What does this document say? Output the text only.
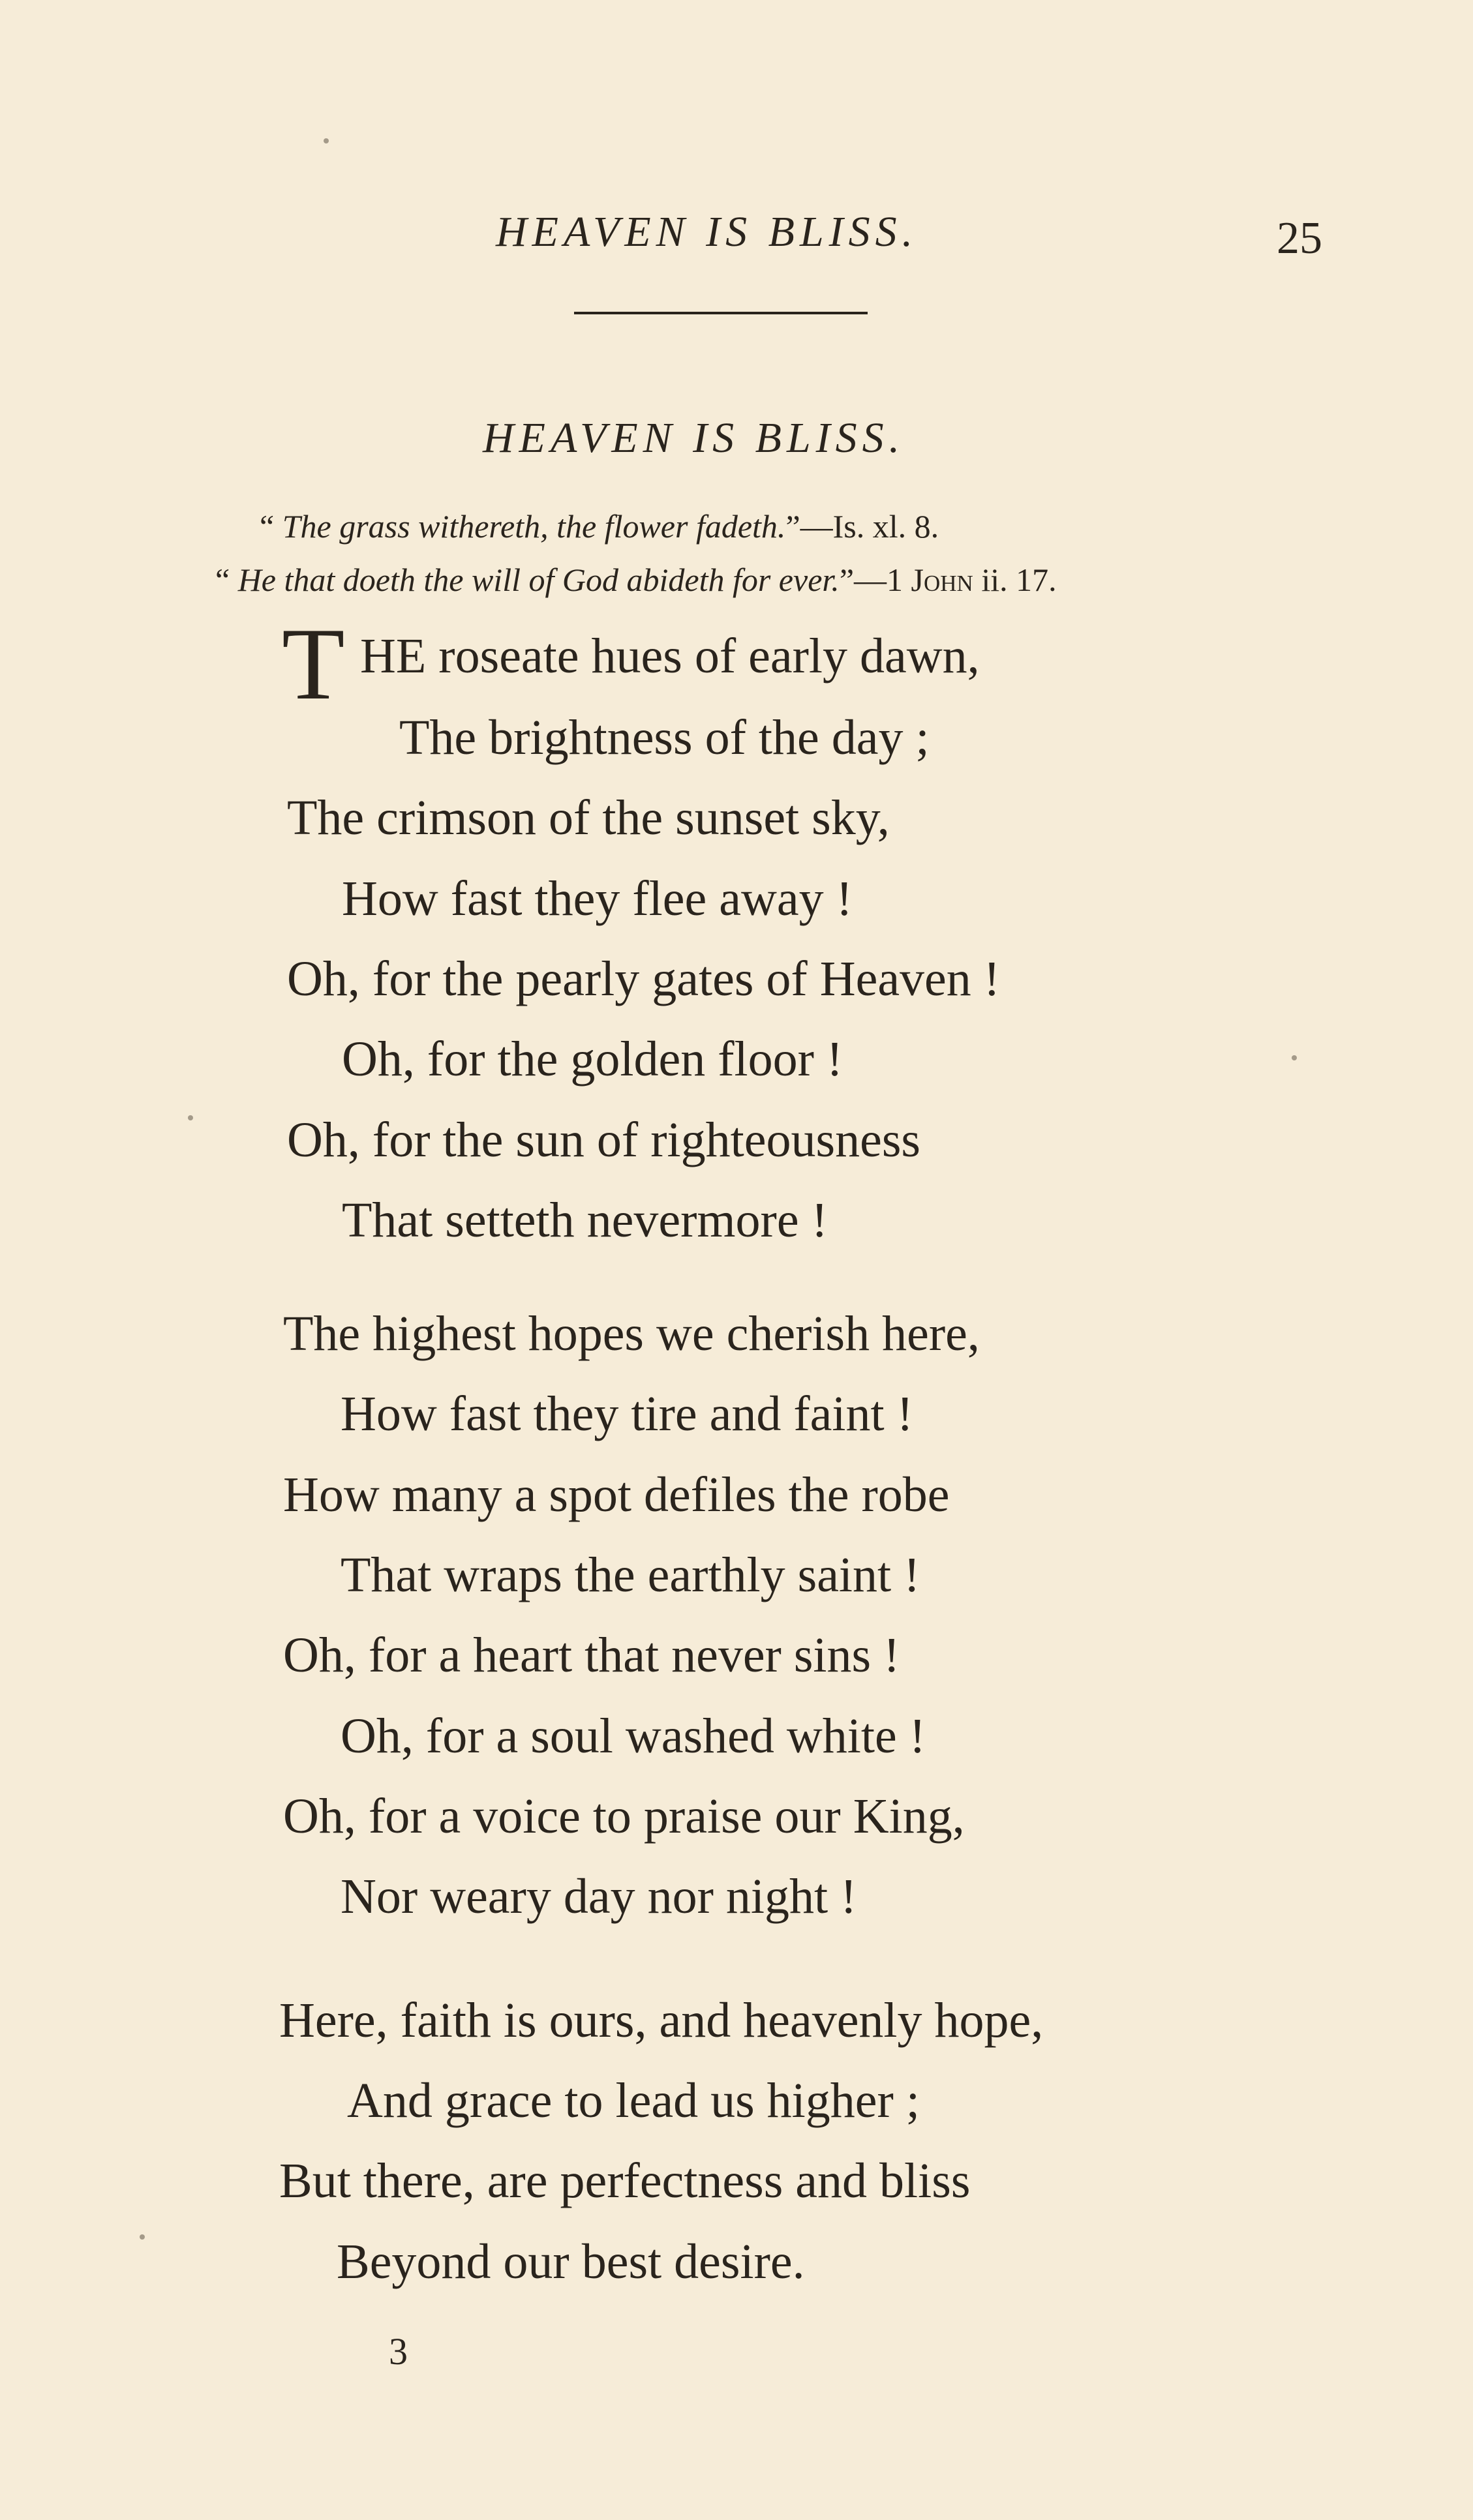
HEAVEN IS BLISS.	25
HEAVEN IS BLISS.
“ The grass withereth, the flower fadeth.”—Is. xl. 8.
“ He that doeth the will of God abideth for ever.”—1 John ii. 17.
T HE roseate hues of early dawn,
The brightness of the day ;
The crimson of the sunset sky,
How fast they flee away !
Oh, for the pearly gates of Heaven !
Oh, for the golden floor !
Oh, for the sun of righteousness
That setteth nevermore !
The highest hopes we cherish here,
How fast they tire and faint !
How many a spot defiles the robe
That wraps the earthly saint !
Oh, for a heart that never sins !
Oh, for a soul washed white !
Oh, for a voice to praise our King,
Nor weary day nor night !
Here, faith is ours, and heavenly hope,
And grace to lead us higher ;
But there, are perfectness and bliss
Beyond our best desire.
3
